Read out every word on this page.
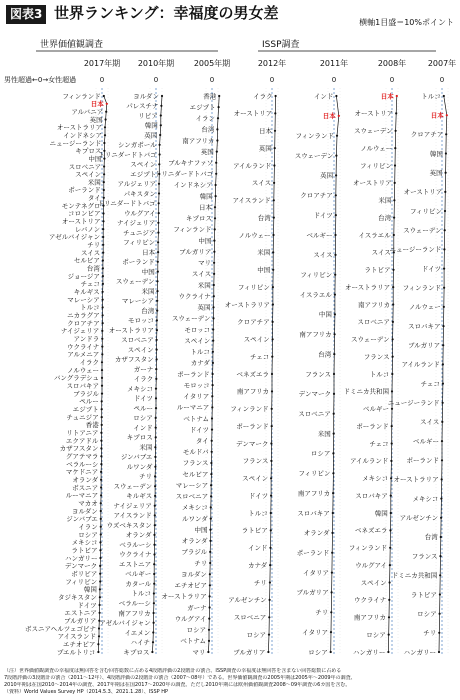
図表3 世界ランキング：幸福度の男女差
横軸1目盛＝10%ポイント
世界価値観調査	ISSP調査
男性超過←0→女性超過
2017年期
0
フィンランド
日本
アルバニア
英国
オーストラリア
インドネシア
ニュージーランド
キプロス
中国
スロベニア
スペイン
米国
ポーランド
タイ
モンテネグロ
コロンビア
オーストリア
レバノン
アゼルバイジャン
チリ
スイス
セルビア
台湾
ジョージア
チェコ
キルギス
マレーシア
トルコ
ニカラグア
クロアチア
ナイジェリア
アンドラ
ウクライナ
アルメニア
イラク
ノルウェー
バングラデシュ
スロバキア
ブラジル
ペルー
エジプト
チュニジア
香港
リトアニア
エクアドル
カザフスタン
グアテマラ
ベラルーシ
マケドニア
オランダ
ボスニア
ルーマニア
マカオ
ヨルダン
ジンバブエ
イラン
ロシア
メキシコ
ラトビア
ハンガリー
デンマーク
ボリビア
フィリピン
韓国
タジキスタン
ドイツ
エストニア
ブルガリア
ボスニアヘルツェゴビナ
アイスランド
エチオピア
プエルトリコ
2010年期
0
ヨルダン
パレスチナ
リビア
韓国
英国
シンガポール
トリニダードトバゴ
スペイン
エジプト
アルジェリア
パキスタン
トリニダードトバゴ
ウルグアイ
ナイジェリア
チュニジア
フィリピン
日本
ポーランド
中国
スウェーデン
米国
マレーシア
台湾
モロッコ
オーストラリア
スロベニア
スペイン
カザフスタン
ガーナ
イラク
メキシコ
ドイツ
ペルー
ロシア
インド
キプロス
米国
ジンバブエ
ルワンダ
チリ
スウェーデン
キルギス
ナイジェリア
アイスランド
ウズベキスタン
オランダ
ベラルーシ
ウクライナ
エストニア
ベルギー
カタール
トルコ
ベラルーシ
南アフリカ
アゼルバイジャン
イエメン
ハイチ
キプロス
2005年期
0
香港
エジプト
イラン
台湾
南アフリカ
英国
ブルキナファソ
トリニダードトバゴ
インドネシア
韓国
日本
キプロス
フィンランド
中国
ブルガリア
マリ
スイス
米国
ウクライナ
英国
スウェーデン
モロッコ
スペイン
トルコ
カナダ
ポーランド
モロッコ
イタリア
ルーマニア
ベトナム
ドイツ
タイ
モルドバ
フランス
セルビア
マレーシア
スロベニア
メキシコ
ルワンダ
中国
オランダ
ブラジル
チリ
ヨルダン
エチオピア
オーストラリア
ガーナ
ウルグアイ
ロシア
ベトナム
マリ
2012年
0
イラク
オーストリア
日本
英国
アイルランド
スイス
アイスランド
台湾
ノルウェー
米国
中国
フィリピン
オーストラリア
クロアチア
スペイン
チェコ
ベネズエラ
南アフリカ
フィンランド
ポーランド
デンマーク
フランス
スペイン
ドイツ
トルコ
ラトビア
インド
カナダ
チリ
アルゼンチン
スロベニア
ロシア
ブルガリア
2011年
0
インド
日本
フィンランド
スウェーデン
英国
クロアチア
ドイツ
ベルギー
スイス
フィリピン
イスラエル
中国
南アフリカ
台湾
フランス
デンマーク
スロベニア
米国
ロシア
フィリピン
南アフリカ
スロバキア
オランダ
ポーランド
イタリア
ブルガリア
チリ
イタリア
ロシア
2008年
0
日本
オーストリア
スウェーデン
ノルウェー
フィリピン
オーストリア
米国
台湾
イスラエル
スイス
ラトビア
オーストラリア
南アフリカ
スロベニア
スウェーデン
フランス
トルコ
ドミニカ共和国
ベルギー
ポーランド
チェコ
アイルランド
メキシコ
スロバキア
韓国
ベネズエラ
フィンランド
ウルグアイ
スペイン
ウクライナ
南アフリカ
ロシア
ハンガリー
2007年
0
トルコ
日本
クロアチア
韓国
英国
オーストリア
フィリピン
スウェーデン
ニュージーランド
ドイツ
フィンランド
ノルウェー
スロバキア
ブルガリア
アイルランド
チェコ
ニュージーランド
スイス
ベルギー
ポーランド
オーストラリア
メキシコ
アルゼンチン
台湾
フランス
ドミニカ共和国
ラトビア
ロシア
チリ
ハンガリー
（注）世界価値観調査の幸福度は無回答を含む回答総数に占める4段階評価の2段階計の割合、ISSP調査の幸福度は無回答を含まない回答総数に占める
7段階評価の3段階計の割合（2011～12年）、4段階評価の2段階計の割合（2007～08年）である。世界価値観調査の2005年期は2005年～2009年の調査、
2010年期は在国2010～2014年の調査、2017年期は在国2017～2020年の調査。ただし2010年期には欧州価値観調査2008～09年調査の6カ国を含む。
（資料）World Values Survey HP（2014.5.3、2021.1.28）、ISSP HP
